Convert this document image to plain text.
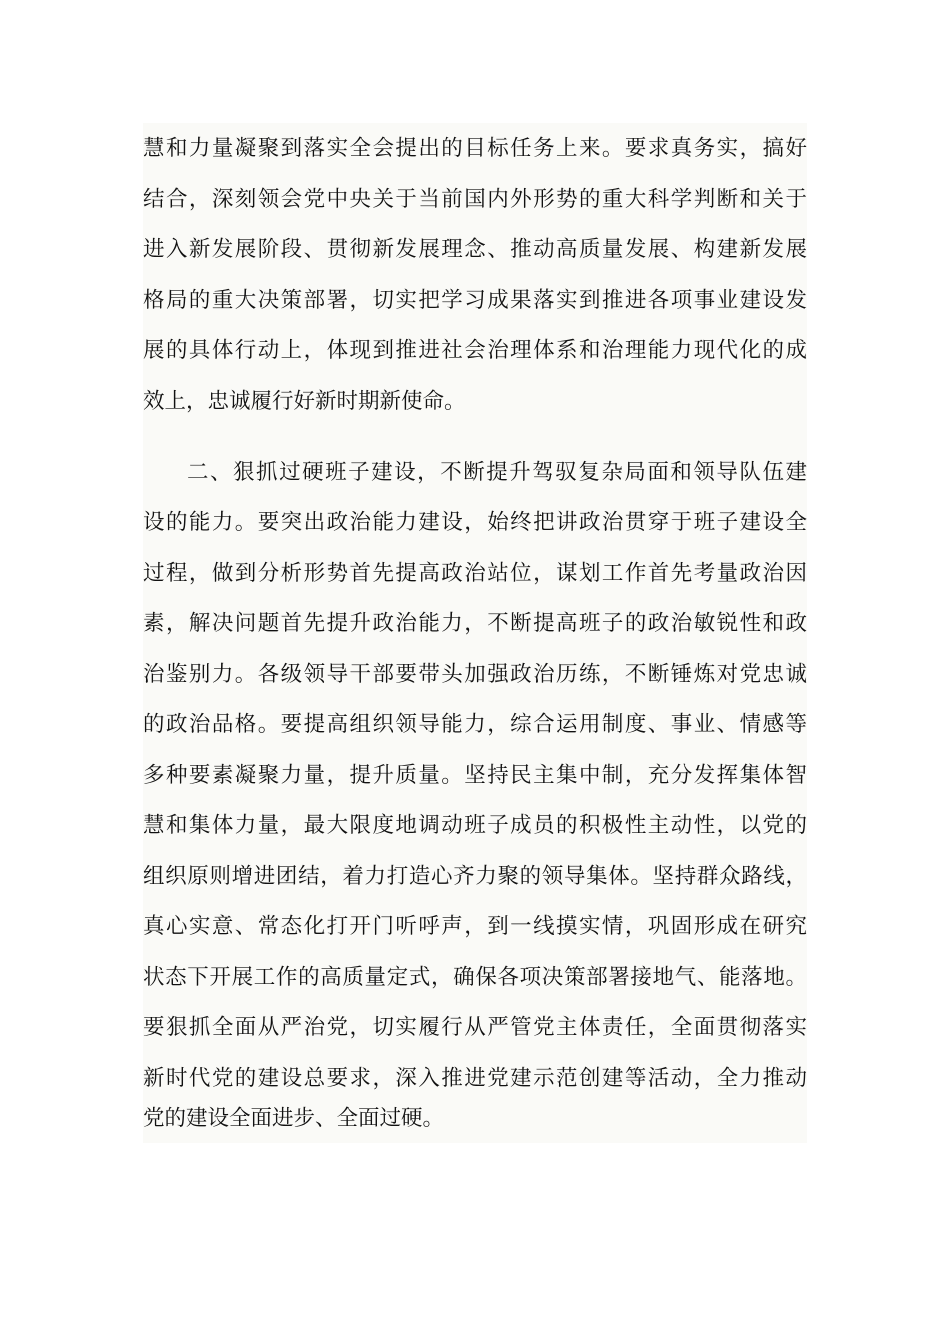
慧和力量凝聚到落实全会提出的目标任务上来。要求真务实，搞好
结合，深刻领会党中央关于当前国内外形势的重大科学判断和关于
进入新发展阶段、贯彻新发展理念、推动高质量发展、构建新发展
格局的重大决策部署，切实把学习成果落实到推进各项事业建设发
展的具体行动上，体现到推进社会治理体系和治理能力现代化的成
效上，忠诚履行好新时期新使命。
二、狠抓过硬班子建设，不断提升驾驭复杂局面和领导队伍建
设的能力。要突出政治能力建设，始终把讲政治贯穿于班子建设全
过程，做到分析形势首先提高政治站位，谋划工作首先考量政治因
素，解决问题首先提升政治能力，不断提高班子的政治敏锐性和政
治鉴别力。各级领导干部要带头加强政治历练，不断锤炼对党忠诚
的政治品格。要提高组织领导能力，综合运用制度、事业、情感等
多种要素凝聚力量，提升质量。坚持民主集中制，充分发挥集体智
慧和集体力量，最大限度地调动班子成员的积极性主动性，以党的
组织原则增进团结，着力打造心齐力聚的领导集体。坚持群众路线，
真心实意、常态化打开门听呼声，到一线摸实情，巩固形成在研究
状态下开展工作的高质量定式，确保各项决策部署接地气、能落地。
要狠抓全面从严治党，切实履行从严管党主体责任，全面贯彻落实
新时代党的建设总要求，深入推进党建示范创建等活动，全力推动
党的建设全面进步、全面过硬。
